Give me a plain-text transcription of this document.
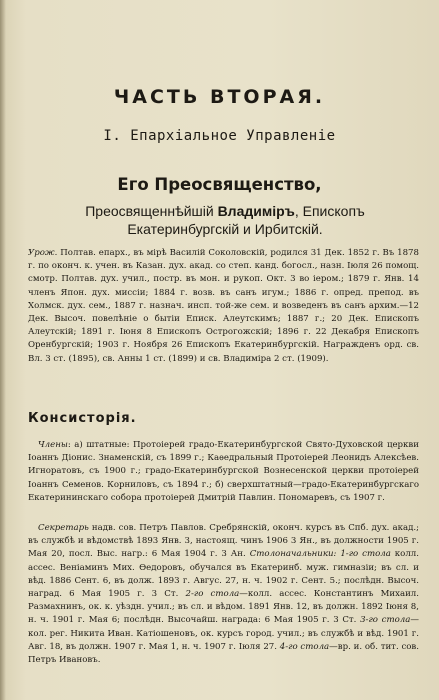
ЧАСТЬ ВТОРАЯ.
I. Епархiальное Управленiе
Его Преосвященство,
Преосвященнѣйшiй Владимiръ, Епископъ Екатеринбургскiй и Ирбитскiй.
Урож. Полтав. епарх., въ мiрѣ Василiй Соколовскiй, родился 31 Дек. 1852 г. Въ 1878 г. по оконч. к. учен. въ Казан. дух. акад. со степ. канд. богосл., назн. Iюля 26 помощ. смотр. Полтав. дух. учил., постр. въ мон. и рукоп. Окт. 3 во iером.; 1879 г. Янв. 14 членъ Япон. дух. миссiи; 1884 г. возв. въ санъ игум.; 1886 г. опред. препод. въ Холмск. дух. сем., 1887 г. назнач. инсп. той-же сем. и возведенъ въ санъ архим.—12 Дек. Высоч. повелѣнiе о бытiи Еписк. Алеутскимъ; 1887 г.; 20 Дек. Епископъ Алеутскiй; 1891 г. Iюня 8 Епископъ Острогожскiй; 1896 г. 22 Декабря Епископъ Оренбургскiй; 1903 г. Ноября 26 Епископъ Екатеринбургскiй. Награжденъ орд. св. Вл. 3 ст. (1895), св. Анны 1 ст. (1899) и св. Владимiра 2 ст. (1909).
Консисторiя.
Члены: а) штатные: Протоiерей градо-Екатеринбургской Свято-Духовской церкви Iоаннъ Дiонис. Знаменскiй, съ 1899 г.; Каѳедральный Протоiерей Леонидъ Алексѣев. Игноратовъ, съ 1900 г.; градо-Екатеринбургской Вознесенской церкви протоiерей Iоаннъ Семенов. Корниловъ, съ 1894 г.; б) сверхштатный—градо-Екатеринбургскаго Екатерининскаго собора протоiерей Дмитрiй Павлин. Пономаревъ, съ 1907 г.
Секретарь надв. сов. Петръ Павлов. Сребрянскiй, оконч. курсъ въ Спб. дух. акад.; въ службѣ и вѣдомствѣ 1893 Янв. 3, настоящ. чинъ 1906 3 Ян., въ должности 1905 г. Мая 20, посл. Выс. нагр.: 6 Мая 1904 г. 3 Ан. Столоначальники: 1-го стола колл. ассес. Венiаминъ Мих. Ѳедоровъ, обучался въ Екатеринб. муж. гимназiи; въ сл. и вѣд. 1886 Сент. 6, въ долж. 1893 г. Авгус. 27, н. ч. 1902 г. Сент. 5.; послѣдн. Высоч. наград. 6 Мая 1905 г. 3 Ст. 2-го стола—колл. ассес. Константинъ Михаил. Размахнинъ, ок. к. уѣздн. учил.; въ сл. и вѣдом. 1891 Янв. 12, въ должн. 1892 Iюня 8, н. ч. 1901 г. Мая 6; послѣдн. Высочайш. награда: 6 Мая 1905 г. 3 Ст. 3-го стола—кол. рег. Никита Иван. Катiошеновъ, ок. курсъ город. учил.; въ службѣ и вѣд. 1901 г. Авг. 18, въ должн. 1907 г. Мая 1, н. ч. 1907 г. Iюля 27. 4-го стола—вр. и. об. тит. сов. Петръ Ивановъ.
